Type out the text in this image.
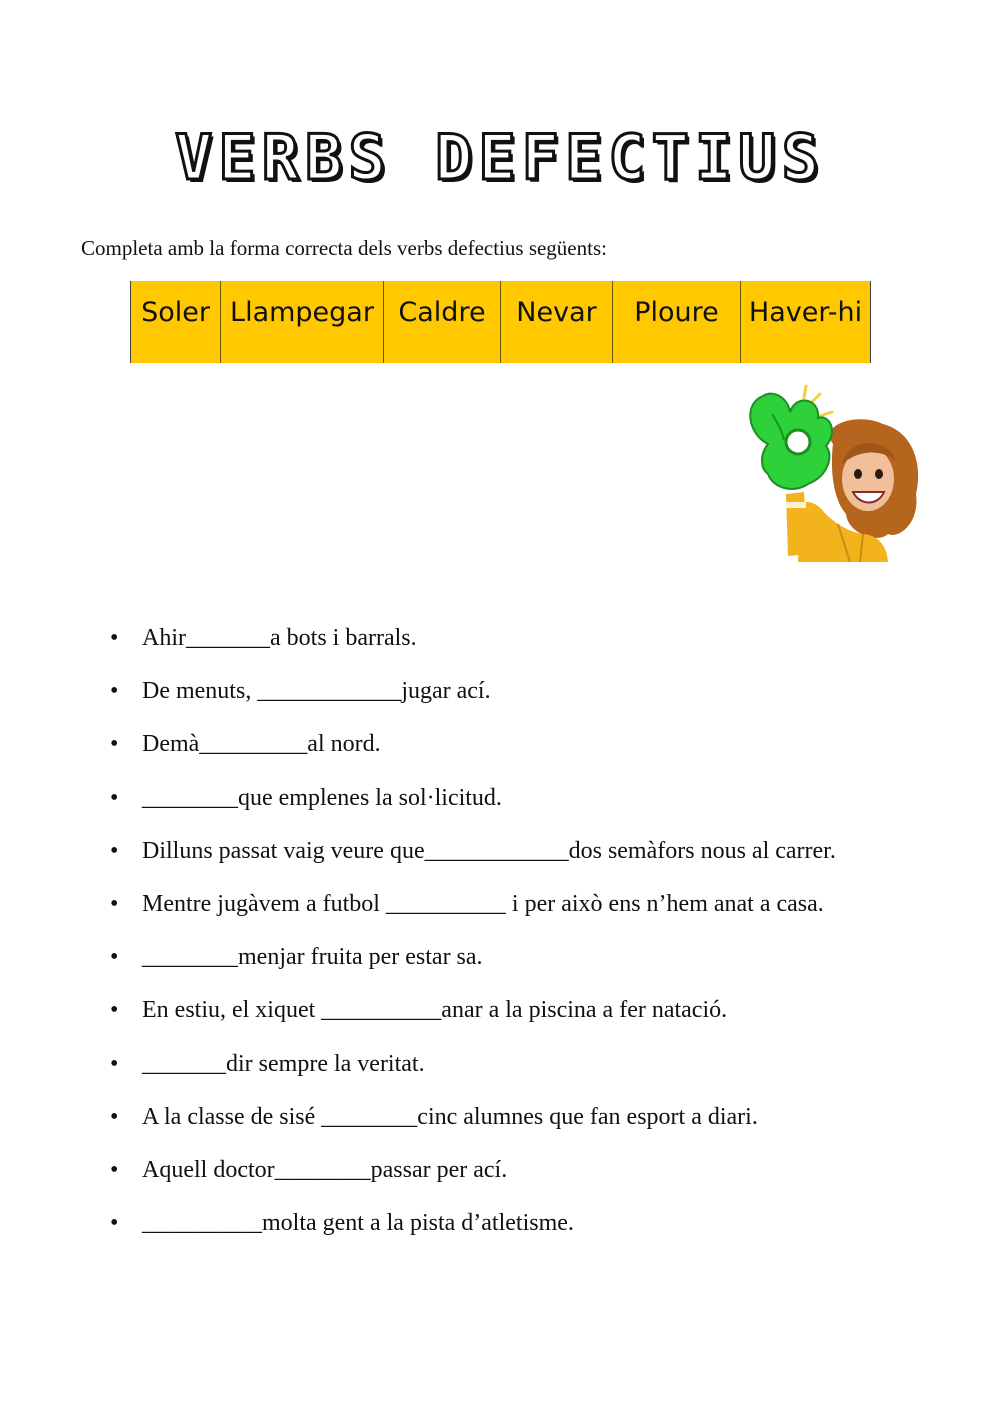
VERBS DEFECTIUS
Completa amb la forma correcta dels verbs defectius següents:
Soler Llampegar Caldre	Nevar	Ploure	Haver-hi
• Ahir_______a bots i barrals.
• De menuts, ____________jugar ací.
• Demà_________al nord.
• ________que emplenes la sol·licitud.
• Dilluns passat vaig veure que____________dos semàfors nous al carrer.
• Mentre jugàvem a futbol __________ i per això ens n’hem anat a casa.
• ________menjar fruita per estar sa.
• En estiu, el xiquet __________anar a la piscina a fer natació.
• _______dir sempre la veritat.
• A la classe de sisé ________cinc alumnes que fan esport a diari.
• Aquell doctor________passar per ací.
• __________molta gent a la pista d’atletisme.
